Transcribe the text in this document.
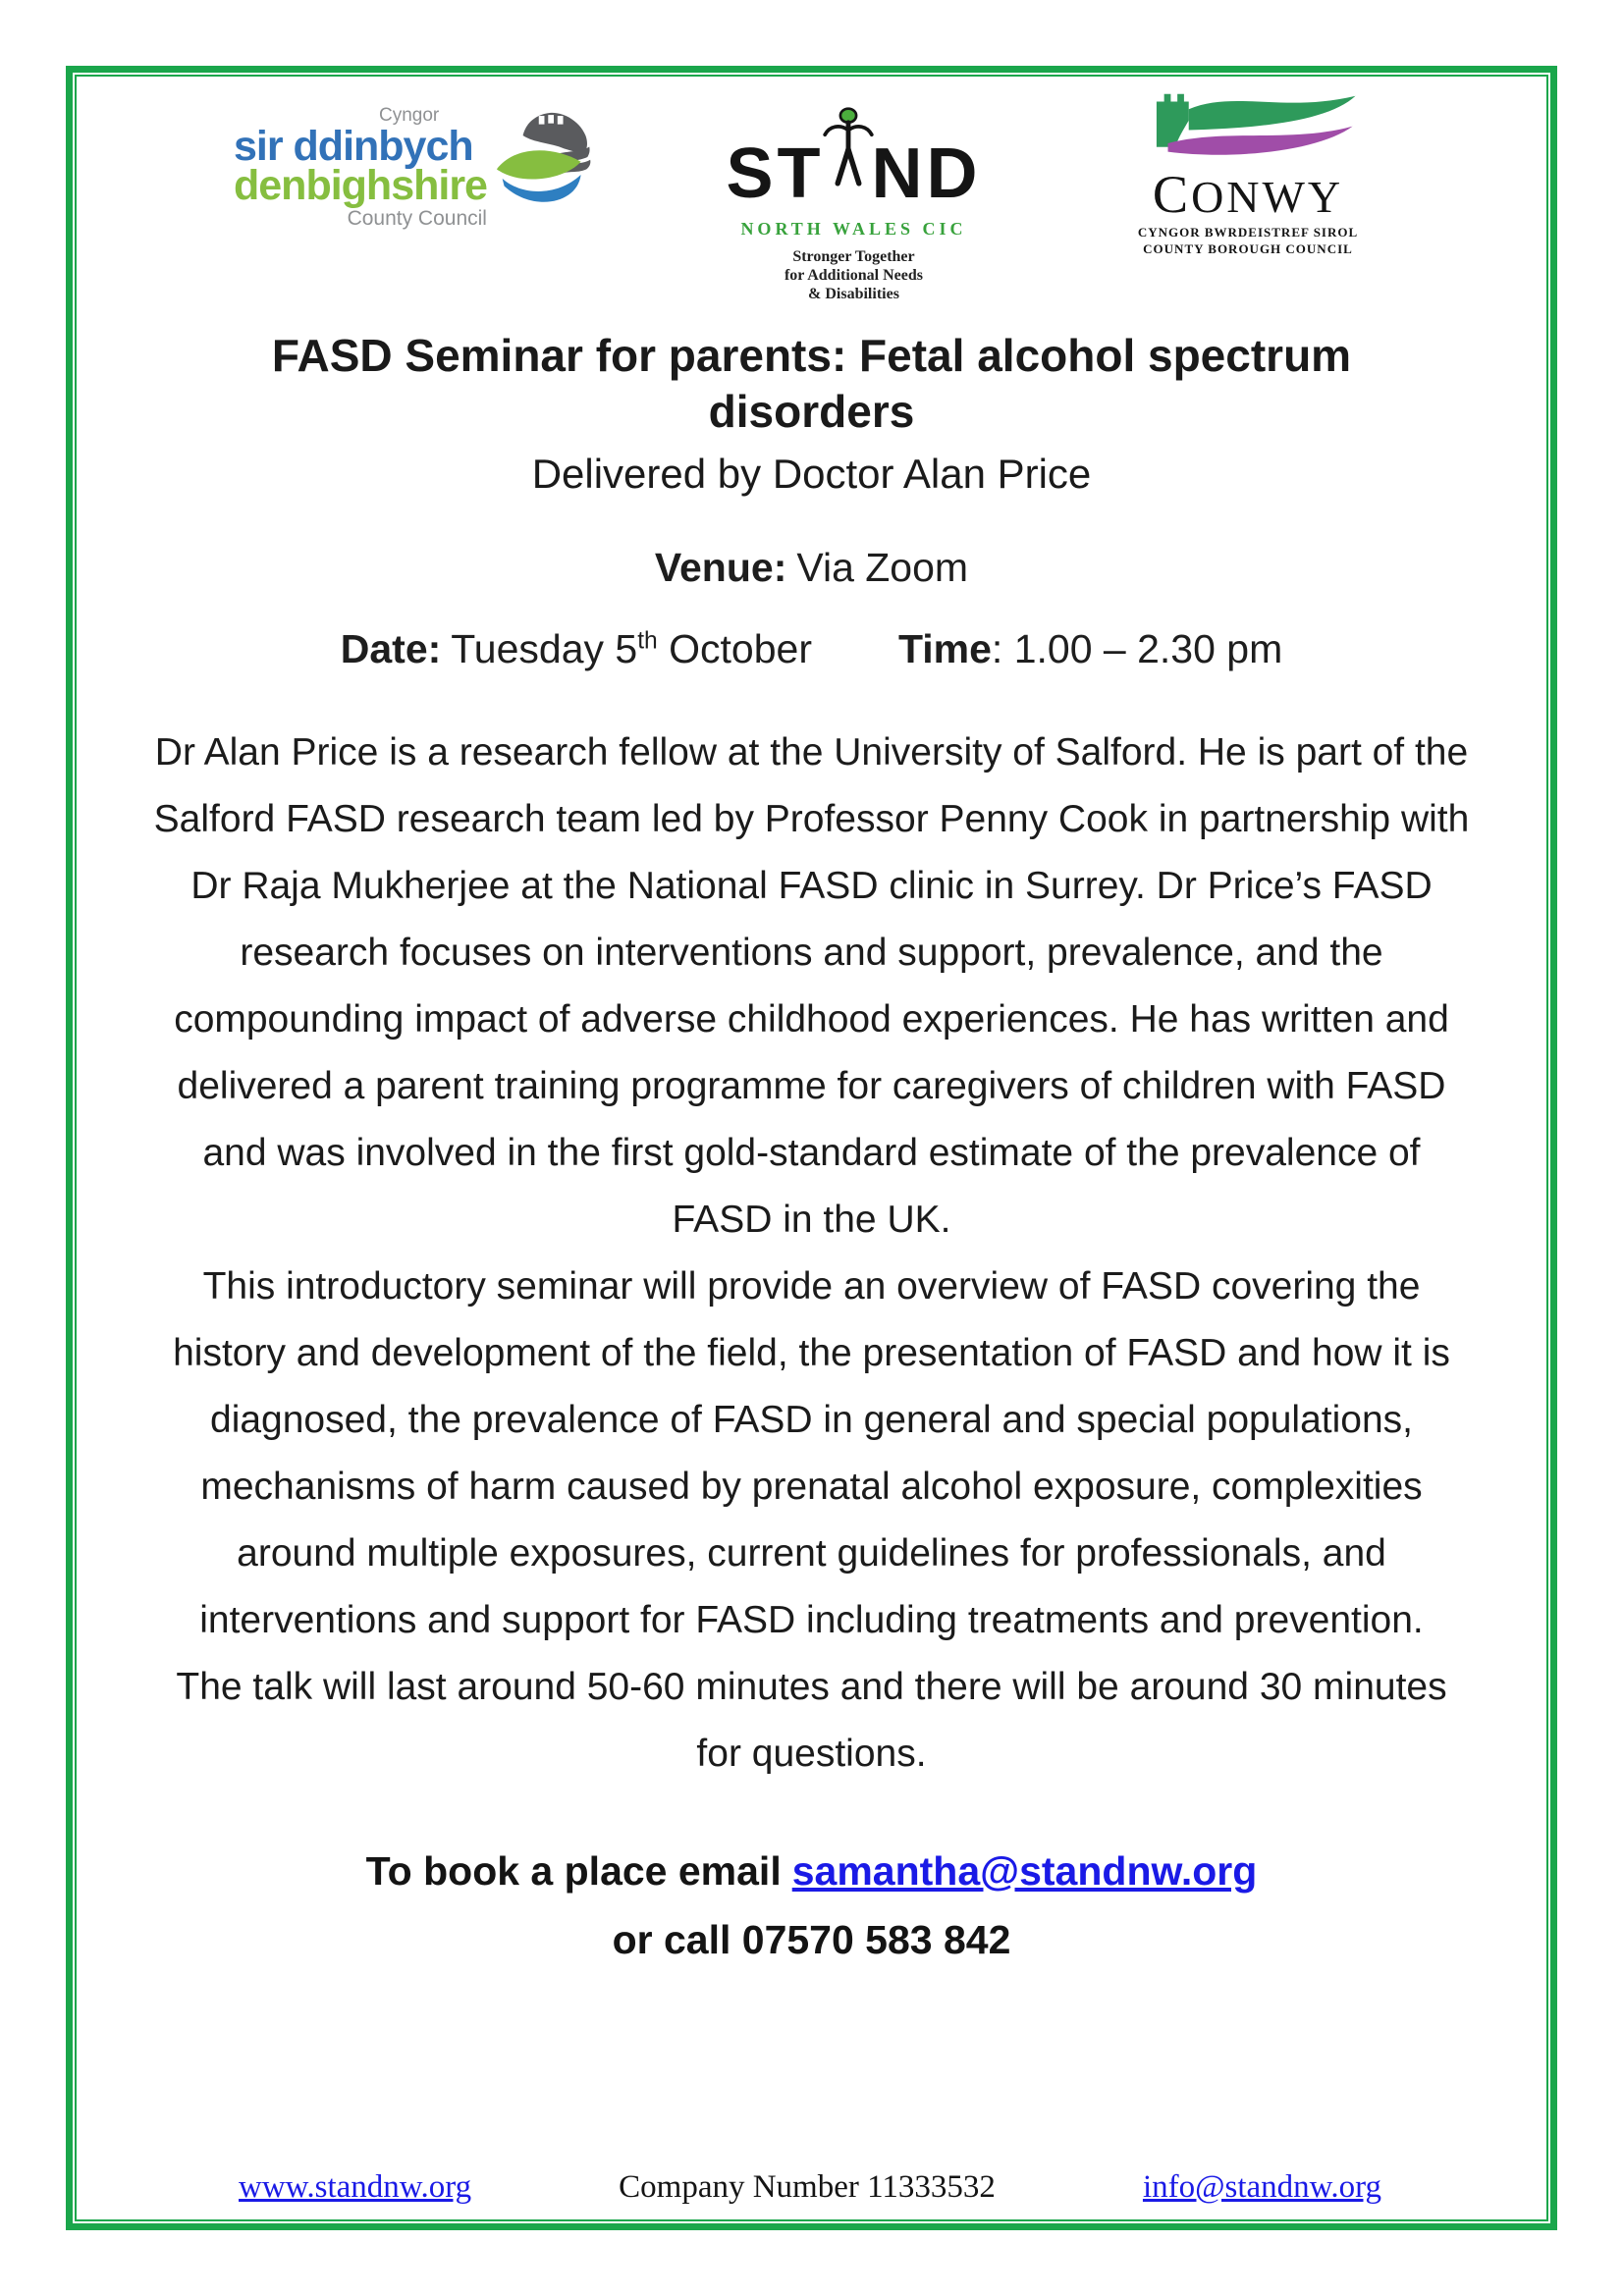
Cyngor
sir ddinbych
denbighshire
County Council
ST ND
NORTH WALES CIC
Stronger Together
for Additional Needs
& Disabilities
CONWY
CYNGOR BWRDEISTREF SIROL
COUNTY BOROUGH COUNCIL
FASD Seminar for parents: Fetal alcohol spectrum disorders
Delivered by Doctor Alan Price
Venue: Via Zoom
Date: Tuesday 5th October Time: 1.00 – 2.30 pm

Dr Alan Price is a research fellow at the University of Salford. He is part of the Salford FASD research team led by Professor Penny Cook in partnership with Dr Raja Mukherjee at the National FASD clinic in Surrey. Dr Price’s FASD research focuses on interventions and support, prevalence, and the compounding impact of adverse childhood experiences. He has written and delivered a parent training programme for caregivers of children with FASD and was involved in the first gold-standard estimate of the prevalence of FASD in the UK.

This introductory seminar will provide an overview of FASD covering the history and development of the field, the presentation of FASD and how it is diagnosed, the prevalence of FASD in general and special populations, mechanisms of harm caused by prenatal alcohol exposure, complexities around multiple exposures, current guidelines for professionals, and interventions and support for FASD including treatments and prevention.

The talk will last around 50-60 minutes and there will be around 30 minutes for questions.

To book a place email samantha@standnw.org
or call 07570 583 842
www.standnw.org	Company Number 11333532	info@standnw.org
